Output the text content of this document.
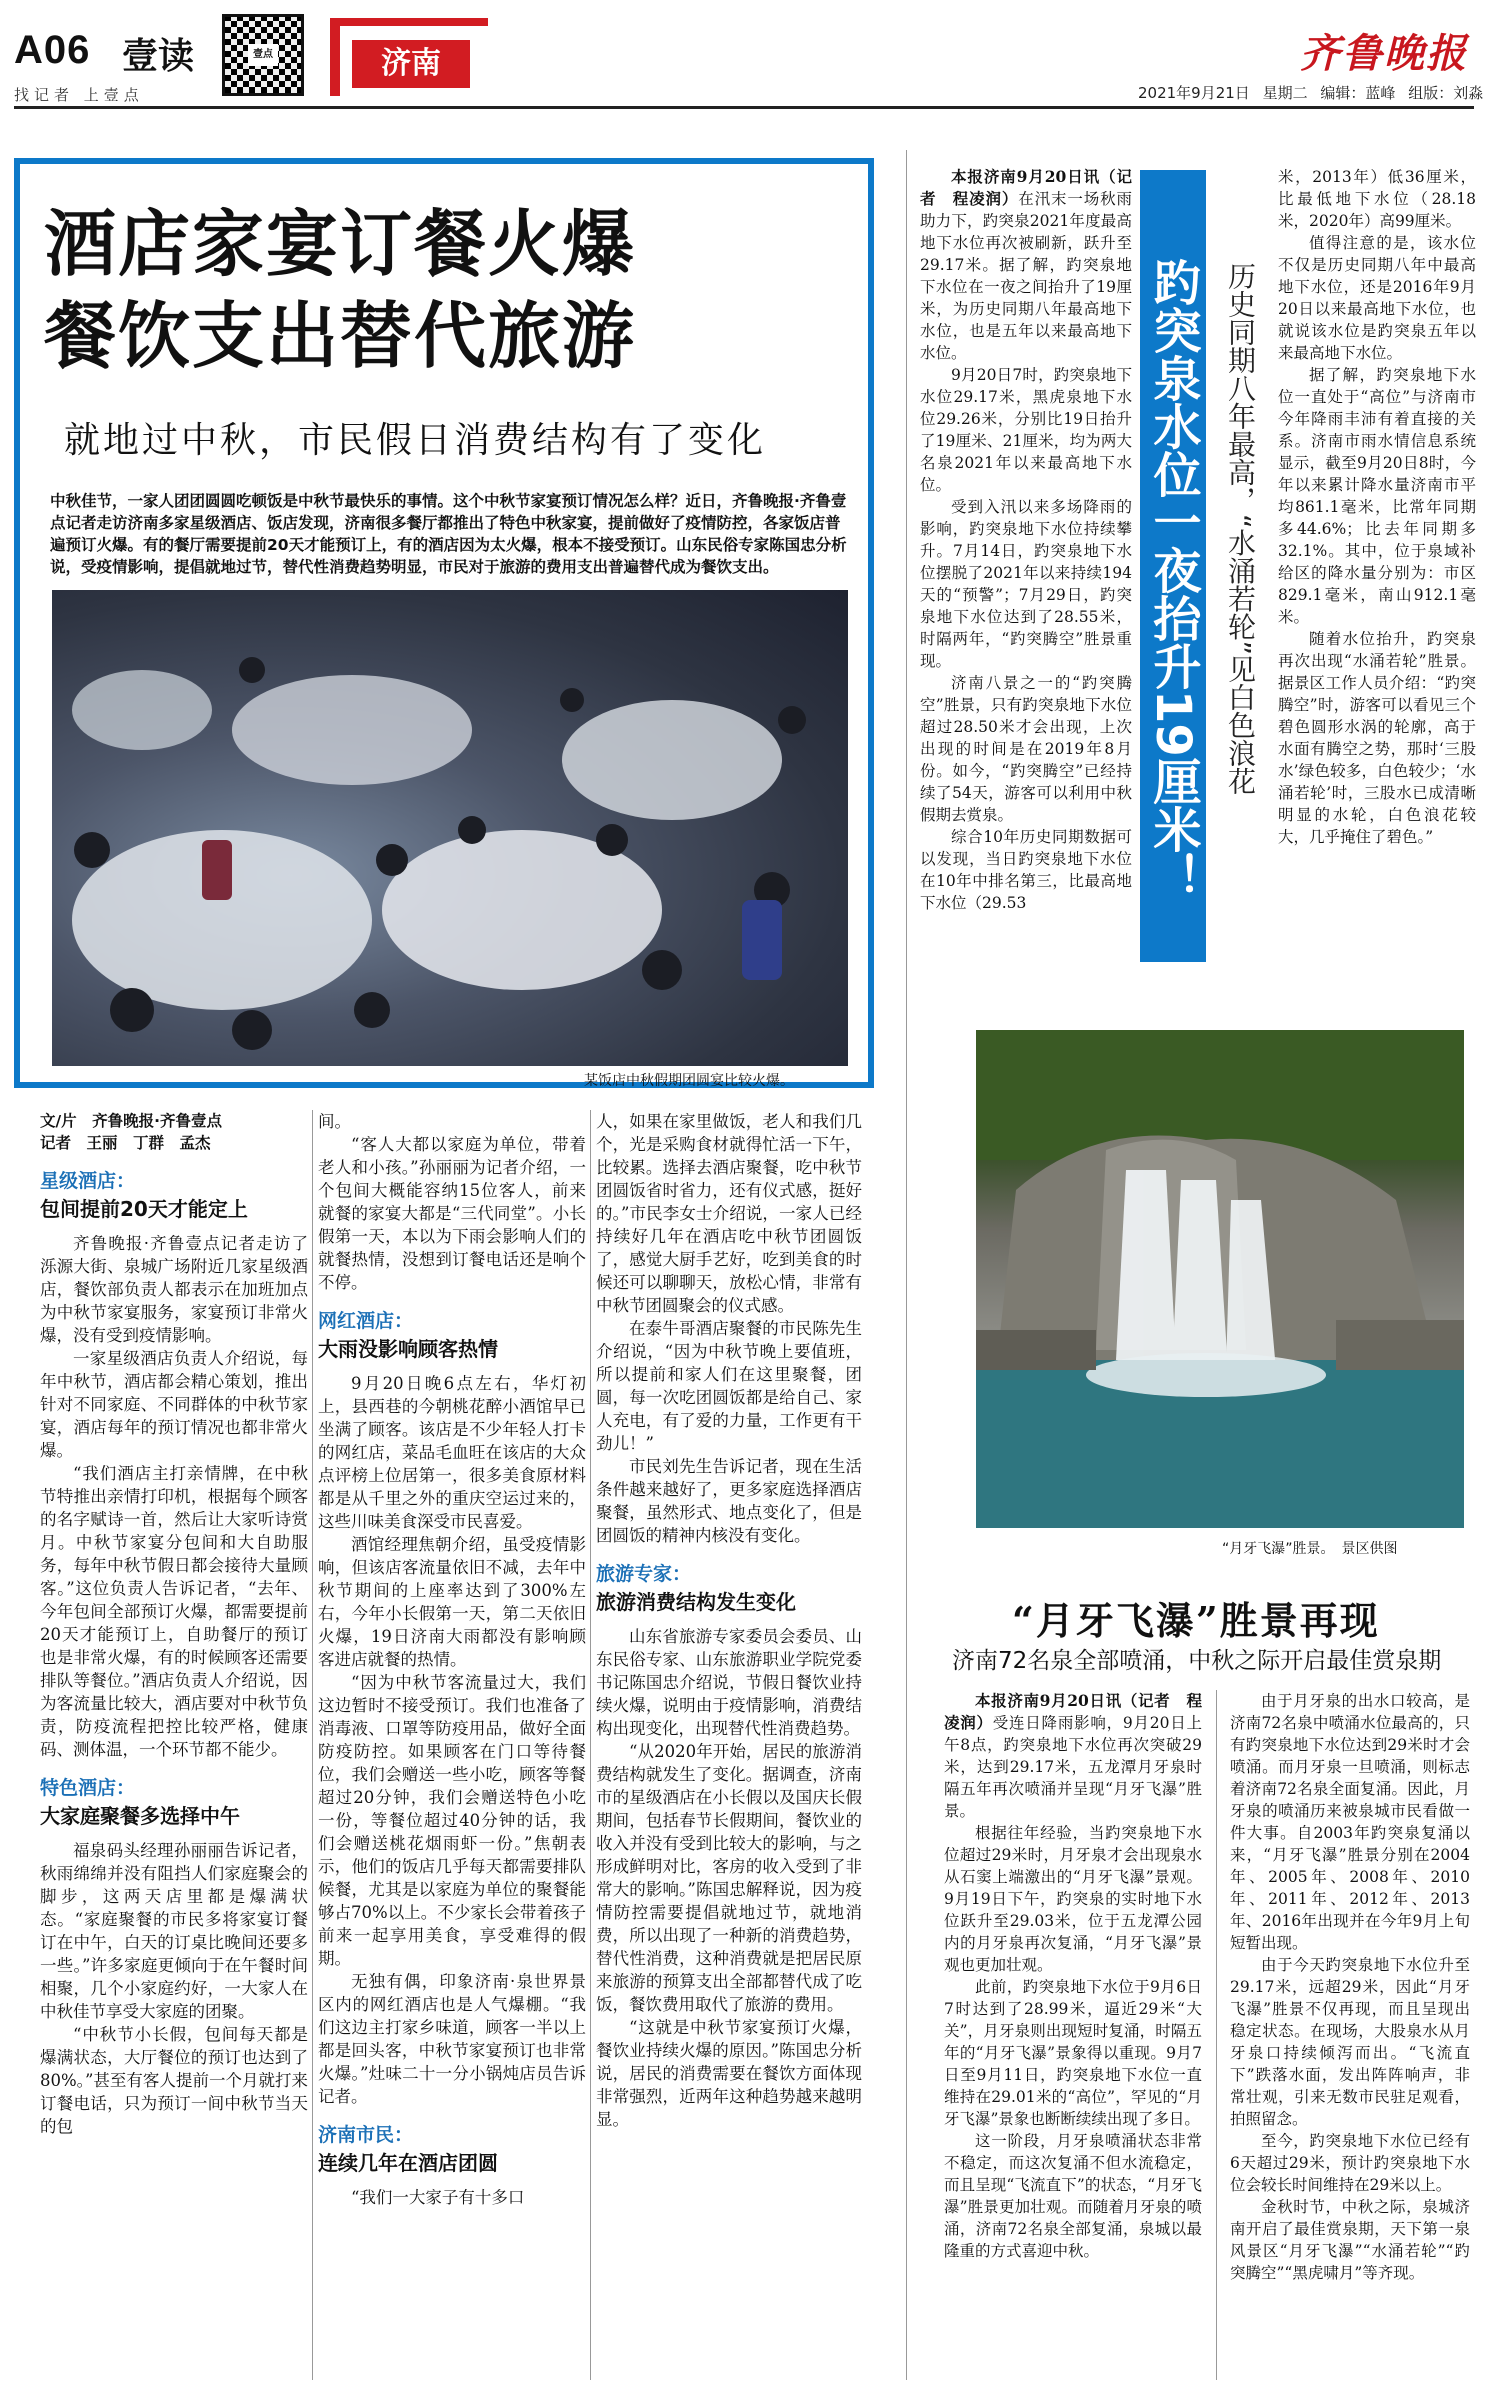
A06 壹读
找记者 上壹点
壹点	济南	齐鲁晚报
2021年9月21日 星期二 编辑：蓝峰 组版：刘淼
酒店家宴订餐火爆
餐饮支出替代旅游
就地过中秋，市民假日消费结构有了变化
中秋佳节，一家人团团圆圆吃顿饭是中秋节最快乐的事情。这个中秋节家宴预订情况怎么样？近日，齐鲁晚报·齐鲁壹点记者走访济南多家星级酒店、饭店发现，济南很多餐厅都推出了特色中秋家宴，提前做好了疫情防控，各家饭店普遍预订火爆。有的餐厅需要提前20天才能预订上，有的酒店因为太火爆，根本不接受预订。山东民俗专家陈国忠分析说，受疫情影响，提倡就地过节，替代性消费趋势明显，市民对于旅游的费用支出普遍替代成为餐饮支出。
某饭店中秋假期团圆宴比较火爆。
文/片　齐鲁晚报·齐鲁壹点
记者　王丽　丁群　孟杰
星级酒店：
包间提前20天才能定上

齐鲁晚报·齐鲁壹点记者走访了泺源大街、泉城广场附近几家星级酒店，餐饮部负责人都表示在加班加点为中秋节家宴服务，家宴预订非常火爆，没有受到疫情影响。

一家星级酒店负责人介绍说，每年中秋节，酒店都会精心策划，推出针对不同家庭、不同群体的中秋节家宴，酒店每年的预订情况也都非常火爆。

“我们酒店主打亲情牌，在中秋节特推出亲情打印机，根据每个顾客的名字赋诗一首，然后让大家听诗赏月。中秋节家宴分包间和大自助服务，每年中秋节假日都会接待大量顾客。”这位负责人告诉记者，“去年、今年包间全部预订火爆，都需要提前20天才能预订上，自助餐厅的预订也是非常火爆，有的时候顾客还需要排队等餐位。”酒店负责人介绍说，因为客流量比较大，酒店要对中秋节负责，防疫流程把控比较严格，健康码、测体温，一个环节都不能少。

特色酒店：
大家庭聚餐多选择中午

福泉码头经理孙丽丽告诉记者，秋雨绵绵并没有阻挡人们家庭聚会的脚步，这两天店里都是爆满状态。“家庭聚餐的市民多将家宴订餐订在中午，白天的订桌比晚间还要多一些。”许多家庭更倾向于在午餐时间相聚，几个小家庭约好，一大家人在中秋佳节享受大家庭的团聚。

“中秋节小长假，包间每天都是爆满状态，大厅餐位的预订也达到了80%。”甚至有客人提前一个月就打来订餐电话，只为预订一间中秋节当天的包

间。

“客人大都以家庭为单位，带着老人和小孩。”孙丽丽为记者介绍，一个包间大概能容纳15位客人，前来就餐的家宴大都是“三代同堂”。小长假第一天，本以为下雨会影响人们的就餐热情，没想到订餐电话还是响个不停。

网红酒店：
大雨没影响顾客热情

9月20日晚6点左右，华灯初上，县西巷的今朝桃花醉小酒馆早已坐满了顾客。该店是不少年轻人打卡的网红店，菜品毛血旺在该店的大众点评榜上位居第一，很多美食原材料都是从千里之外的重庆空运过来的，这些川味美食深受市民喜爱。

酒馆经理焦朝介绍，虽受疫情影响，但该店客流量依旧不减，去年中秋节期间的上座率达到了300%左右，今年小长假第一天，第二天依旧火爆，19日济南大雨都没有影响顾客进店就餐的热情。

“因为中秋节客流量过大，我们这边暂时不接受预订。我们也准备了消毒液、口罩等防疫用品，做好全面防疫防控。如果顾客在门口等待餐位，我们会赠送一些小吃，顾客等餐超过20分钟，我们会赠送特色小吃一份，等餐位超过40分钟的话，我们会赠送桃花烟雨虾一份。”焦朝表示，他们的饭店几乎每天都需要排队候餐，尤其是以家庭为单位的聚餐能够占70%以上。不少家长会带着孩子前来一起享用美食，享受难得的假期。

无独有偶，印象济南·泉世界景区内的网红酒店也是人气爆棚。“我们这边主打家乡味道，顾客一半以上都是回头客，中秋节家宴预订也非常火爆。”灶味二十一分小锅炖店员告诉记者。

济南市民：
连续几年在酒店团圆

“我们一大家子有十多口

人，如果在家里做饭，老人和我们几个，光是采购食材就得忙活一下午，比较累。选择去酒店聚餐，吃中秋节团圆饭省时省力，还有仪式感，挺好的。”市民李女士介绍说，一家人已经持续好几年在酒店吃中秋节团圆饭了，感觉大厨手艺好，吃到美食的时候还可以聊聊天，放松心情，非常有中秋节团圆聚会的仪式感。

在泰牛哥酒店聚餐的市民陈先生介绍说，“因为中秋节晚上要值班，所以提前和家人们在这里聚餐，团圆，每一次吃团圆饭都是给自己、家人充电，有了爱的力量，工作更有干劲儿！”

市民刘先生告诉记者，现在生活条件越来越好了，更多家庭选择酒店聚餐，虽然形式、地点变化了，但是团圆饭的精神内核没有变化。

旅游专家：
旅游消费结构发生变化

山东省旅游专家委员会委员、山东民俗专家、山东旅游职业学院党委书记陈国忠介绍说，节假日餐饮业持续火爆，说明由于疫情影响，消费结构出现变化，出现替代性消费趋势。

“从2020年开始，居民的旅游消费结构就发生了变化。据调查，济南市的星级酒店在小长假以及国庆长假期间，包括春节长假期间，餐饮业的收入并没有受到比较大的影响，与之形成鲜明对比，客房的收入受到了非常大的影响。”陈国忠解释说，因为疫情防控需要提倡就地过节，就地消费，所以出现了一种新的消费趋势，替代性消费，这种消费就是把居民原来旅游的预算支出全部都替代成了吃饭，餐饮费用取代了旅游的费用。

“这就是中秋节家宴预订火爆，餐饮业持续火爆的原因。”陈国忠分析说，居民的消费需要在餐饮方面体现非常强烈，近两年这种趋势越来越明显。

本报济南9月20日讯（记者　程凌润）在汛末一场秋雨助力下，趵突泉2021年度最高地下水位再次被刷新，跃升至29.17米。据了解，趵突泉地下水位在一夜之间抬升了19厘米，为历史同期八年最高地下水位，也是五年以来最高地下水位。

9月20日7时，趵突泉地下水位29.17米，黑虎泉地下水位29.26米，分别比19日抬升了19厘米、21厘米，均为两大名泉2021年以来最高地下水位。

受到入汛以来多场降雨的影响，趵突泉地下水位持续攀升。7月14日，趵突泉地下水位摆脱了2021年以来持续194天的“预警”；7月29日，趵突泉地下水位达到了28.55米，时隔两年，“趵突腾空”胜景重现。

济南八景之一的“趵突腾空”胜景，只有趵突泉地下水位超过28.50米才会出现，上次出现的时间是在2019年8月份。如今，“趵突腾空”已经持续了54天，游客可以利用中秋假期去赏泉。

综合10年历史同期数据可以发现，当日趵突泉地下水位在10年中排名第三，比最高地下水位（29.53

趵突泉水位一夜抬升19厘米！ 历史同期八年最高，“水涌若轮”见白色浪花

米，2013年）低36厘米，比最低地下水位（28.18米，2020年）高99厘米。

值得注意的是，该水位不仅是历史同期八年中最高地下水位，还是2016年9月20日以来最高地下水位，也就说该水位是趵突泉五年以来最高地下水位。

据了解，趵突泉地下水位一直处于“高位”与济南市今年降雨丰沛有着直接的关系。济南市雨水情信息系统显示，截至9月20日8时，今年以来累计降水量济南市平均861.1毫米，比常年同期多44.6%；比去年同期多32.1%。其中，位于泉域补给区的降水量分别为：市区829.1毫米，南山912.1毫米。

随着水位抬升，趵突泉再次出现“水涌若轮”胜景。据景区工作人员介绍：“趵突腾空”时，游客可以看见三个碧色圆形水涡的轮廓，高于水面有腾空之势，那时‘三股水’绿色较多，白色较少；‘水涌若轮’时，三股水已成清晰明显的水轮，白色浪花较大，几乎掩住了碧色。”

“月牙飞瀑”胜景。　景区供图
“月牙飞瀑”胜景再现
济南72名泉全部喷涌，中秋之际开启最佳赏泉期

本报济南9月20日讯（记者　程凌润）受连日降雨影响，9月20日上午8点，趵突泉地下水位再次突破29米，达到29.17米，五龙潭月牙泉时隔五年再次喷涌并呈现“月牙飞瀑”胜景。

根据往年经验，当趵突泉地下水位超过29米时，月牙泉才会出现泉水从石窦上端激出的“月牙飞瀑”景观。9月19日下午，趵突泉的实时地下水位跃升至29.03米，位于五龙潭公园内的月牙泉再次复涌，“月牙飞瀑”景观也更加壮观。

此前，趵突泉地下水位于9月6日7时达到了28.99米，逼近29米“大关”，月牙泉则出现短时复涌，时隔五年的“月牙飞瀑”景象得以重现。9月7日至9月11日，趵突泉地下水位一直维持在29.01米的“高位”，罕见的“月牙飞瀑”景象也断断续续出现了多日。

这一阶段，月牙泉喷涌状态非常不稳定，而这次复涌不但水流稳定，而且呈现“飞流直下”的状态，“月牙飞瀑”胜景更加壮观。而随着月牙泉的喷涌，济南72名泉全部复涌，泉城以最隆重的方式喜迎中秋。

由于月牙泉的出水口较高，是济南72名泉中喷涌水位最高的，只有趵突泉地下水位达到29米时才会喷涌。而月牙泉一旦喷涌，则标志着济南72名泉全面复涌。因此，月牙泉的喷涌历来被泉城市民看做一件大事。自2003年趵突泉复涌以来，“月牙飞瀑”胜景分别在2004年、2005年、2008年、2010年、2011年、2012年、2013年、2016年出现并在今年9月上旬短暂出现。

由于今天趵突泉地下水位升至29.17米，远超29米，因此“月牙飞瀑”胜景不仅再现，而且呈现出稳定状态。在现场，大股泉水从月牙泉口持续倾泻而出。“飞流直下”跌落水面，发出阵阵响声，非常壮观，引来无数市民驻足观看，拍照留念。

至今，趵突泉地下水位已经有6天超过29米，预计趵突泉地下水位会较长时间维持在29米以上。

金秋时节，中秋之际，泉城济南开启了最佳赏泉期，天下第一泉风景区“月牙飞瀑”“水涌若轮”“趵突腾空”“黑虎啸月”等齐现。
